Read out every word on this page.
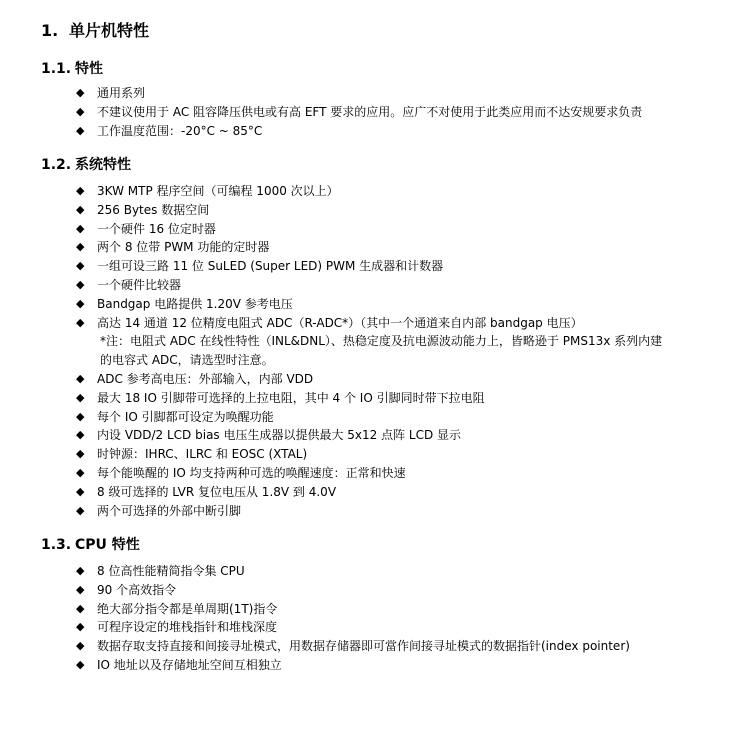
1. 单片机特性
1.1. 特性
◆ 通用系列
◆ 不建议使用于 AC 阻容降压供电或有高 EFT 要求的应用。应广不对使用于此类应用而不达安规要求负责
◆ 工作温度范围：-20°C ~ 85°C
1.2. 系统特性
◆ 3KW MTP 程序空间（可编程 1000 次以上）
◆ 256 Bytes 数据空间
◆ 一个硬件 16 位定时器
◆ 两个 8 位带 PWM 功能的定时器
◆ 一组可设三路 11 位 SuLED (Super LED) PWM 生成器和计数器
◆ 一个硬件比较器
◆ Bandgap 电路提供 1.20V 参考电压
◆ 高达 14 通道 12 位精度电阻式 ADC（R-ADC*）（其中一个通道来自内部 bandgap 电压）
*注：电阻式 ADC 在线性特性（INL&DNL）、热稳定度及抗电源波动能力上，皆略逊于 PMS13x 系列内建
的电容式 ADC，请选型时注意。
◆ ADC 参考高电压：外部输入，内部 VDD
◆ 最大 18 IO 引脚带可选择的上拉电阻，其中 4 个 IO 引脚同时带下拉电阻
◆ 每个 IO 引脚都可设定为唤醒功能
◆ 内设 VDD/2 LCD bias 电压生成器以提供最大 5x12 点阵 LCD 显示
◆ 时钟源：IHRC、ILRC 和 EOSC (XTAL)
◆ 每个能唤醒的 IO 均支持两种可选的唤醒速度：正常和快速
◆ 8 级可选择的 LVR 复位电压从 1.8V 到 4.0V
◆ 两个可选择的外部中断引脚
1.3. CPU 特性
◆ 8 位高性能精简指令集 CPU
◆ 90 个高效指令
◆ 绝大部分指令都是单周期(1T)指令
◆ 可程序设定的堆栈指针和堆栈深度
◆ 数据存取支持直接和间接寻址模式，用数据存储器即可當作间接寻址模式的数据指针(index pointer)
◆ IO 地址以及存储地址空间互相独立
